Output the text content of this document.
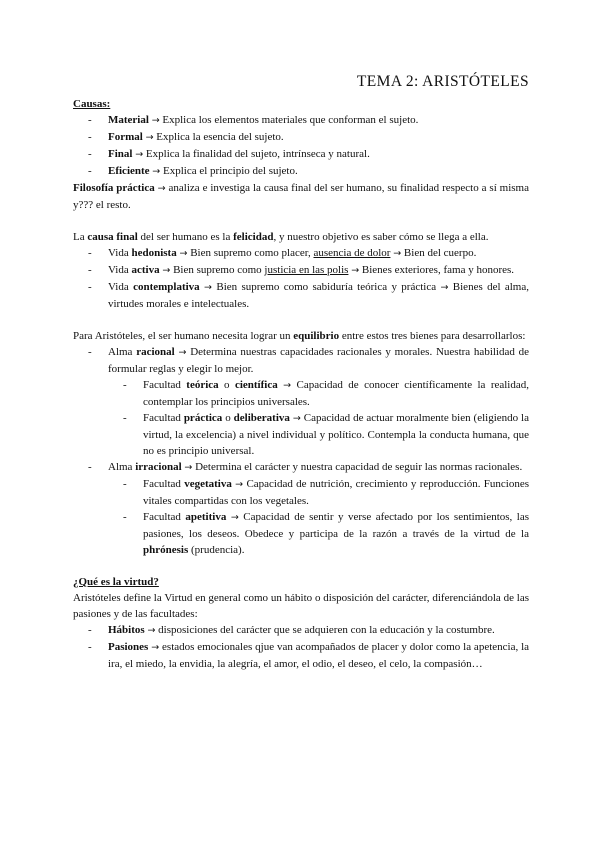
TEMA 2: ARISTÓTELES

Causas:

- Material → Explica los elementos materiales que conforman el sujeto.
- Formal → Explica la esencia del sujeto.
- Final → Explica la finalidad del sujeto, intrínseca y natural.
- Eficiente → Explica el principio del sujeto.

Filosofía práctica → analiza e investiga la causa final del ser humano, su finalidad respecto a sí misma y??? el resto.

La causa final del ser humano es la felicidad, y nuestro objetivo es saber cómo se llega a ella.

- Vida hedonista → Bien supremo como placer, ausencia de dolor → Bien del cuerpo.
- Vida activa → Bien supremo como justicia en las polis → Bienes exteriores, fama y honores.
- Vida contemplativa → Bien supremo como sabiduría teórica y práctica → Bienes del alma, virtudes morales e intelectuales.

Para Aristóteles, el ser humano necesita lograr un equilibrio entre estos tres bienes para desarrollarlos:

- Alma racional → Determina nuestras capacidades racionales y morales. Nuestra habilidad de formular reglas y elegir lo mejor.
- Facultad teórica o científica → Capacidad de conocer científicamente la realidad, contemplar los principios universales.
- Facultad práctica o deliberativa → Capacidad de actuar moralmente bien (eligiendo la virtud, la excelencia) a nivel individual y político. Contempla la conducta humana, que no es principio universal.
- Alma irracional → Determina el carácter y nuestra capacidad de seguir las normas racionales.
- Facultad vegetativa → Capacidad de nutrición, crecimiento y reproducción. Funciones vitales compartidas con los vegetales.
- Facultad apetitiva → Capacidad de sentir y verse afectado por los sentimientos, las pasiones, los deseos. Obedece y participa de la razón a través de la virtud de la phrónesis (prudencia).

¿Qué es la virtud?

Aristóteles define la Virtud en general como un hábito o disposición del carácter, diferenciándola de las pasiones y de las facultades:

- Hábitos → disposiciones del carácter que se adquieren con la educación y la costumbre.
- Pasiones → estados emocionales qjue van acompañados de placer y dolor como la apetencia, la ira, el miedo, la envidia, la alegría, el amor, el odio, el deseo, el celo, la compasión…
